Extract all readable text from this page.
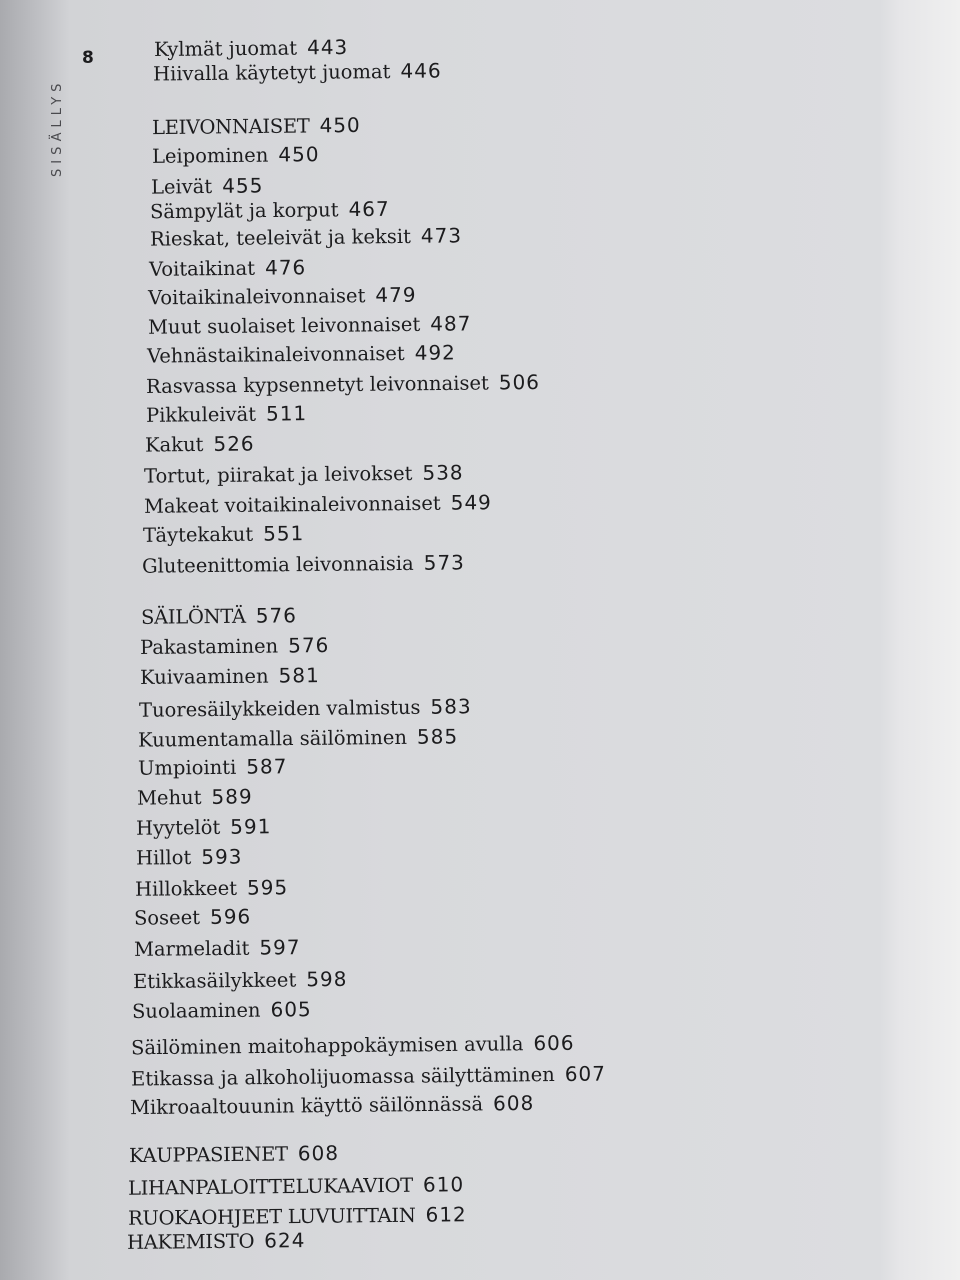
8
SISÄLLYS
Kylmät juomat 443
Hiivalla käytetyt juomat 446
LEIVONNAISET 450
Leipominen 450
Leivät 455
Sämpylät ja korput 467
Rieskat, teeleivät ja keksit 473
Voitaikinat 476
Voitaikinaleivonnaiset 479
Muut suolaiset leivonnaiset 487
Vehnästaikinaleivonnaiset 492
Rasvassa kypsennetyt leivonnaiset 506
Pikkuleivät 511
Kakut 526
Tortut, piirakat ja leivokset 538
Makeat voitaikinaleivonnaiset 549
Täytekakut 551
Gluteenittomia leivonnaisia 573
SÄILÖNTÄ 576
Pakastaminen 576
Kuivaaminen 581
Tuoresäilykkeiden valmistus 583
Kuumentamalla säilöminen 585
Umpiointi 587
Mehut 589
Hyytelöt 591
Hillot 593
Hillokkeet 595
Soseet 596
Marmeladit 597
Etikkasäilykkeet 598
Suolaaminen 605
Säilöminen maitohappokäymisen avulla 606
Etikassa ja alkoholijuomassa säilyttäminen 607
Mikroaaltouunin käyttö säilönnässä 608
KAUPPASIENET 608
LIHANPALOITTELUKAAVIOT 610
RUOKAOHJEET LUVUITTAIN 612
HAKEMISTO 624
